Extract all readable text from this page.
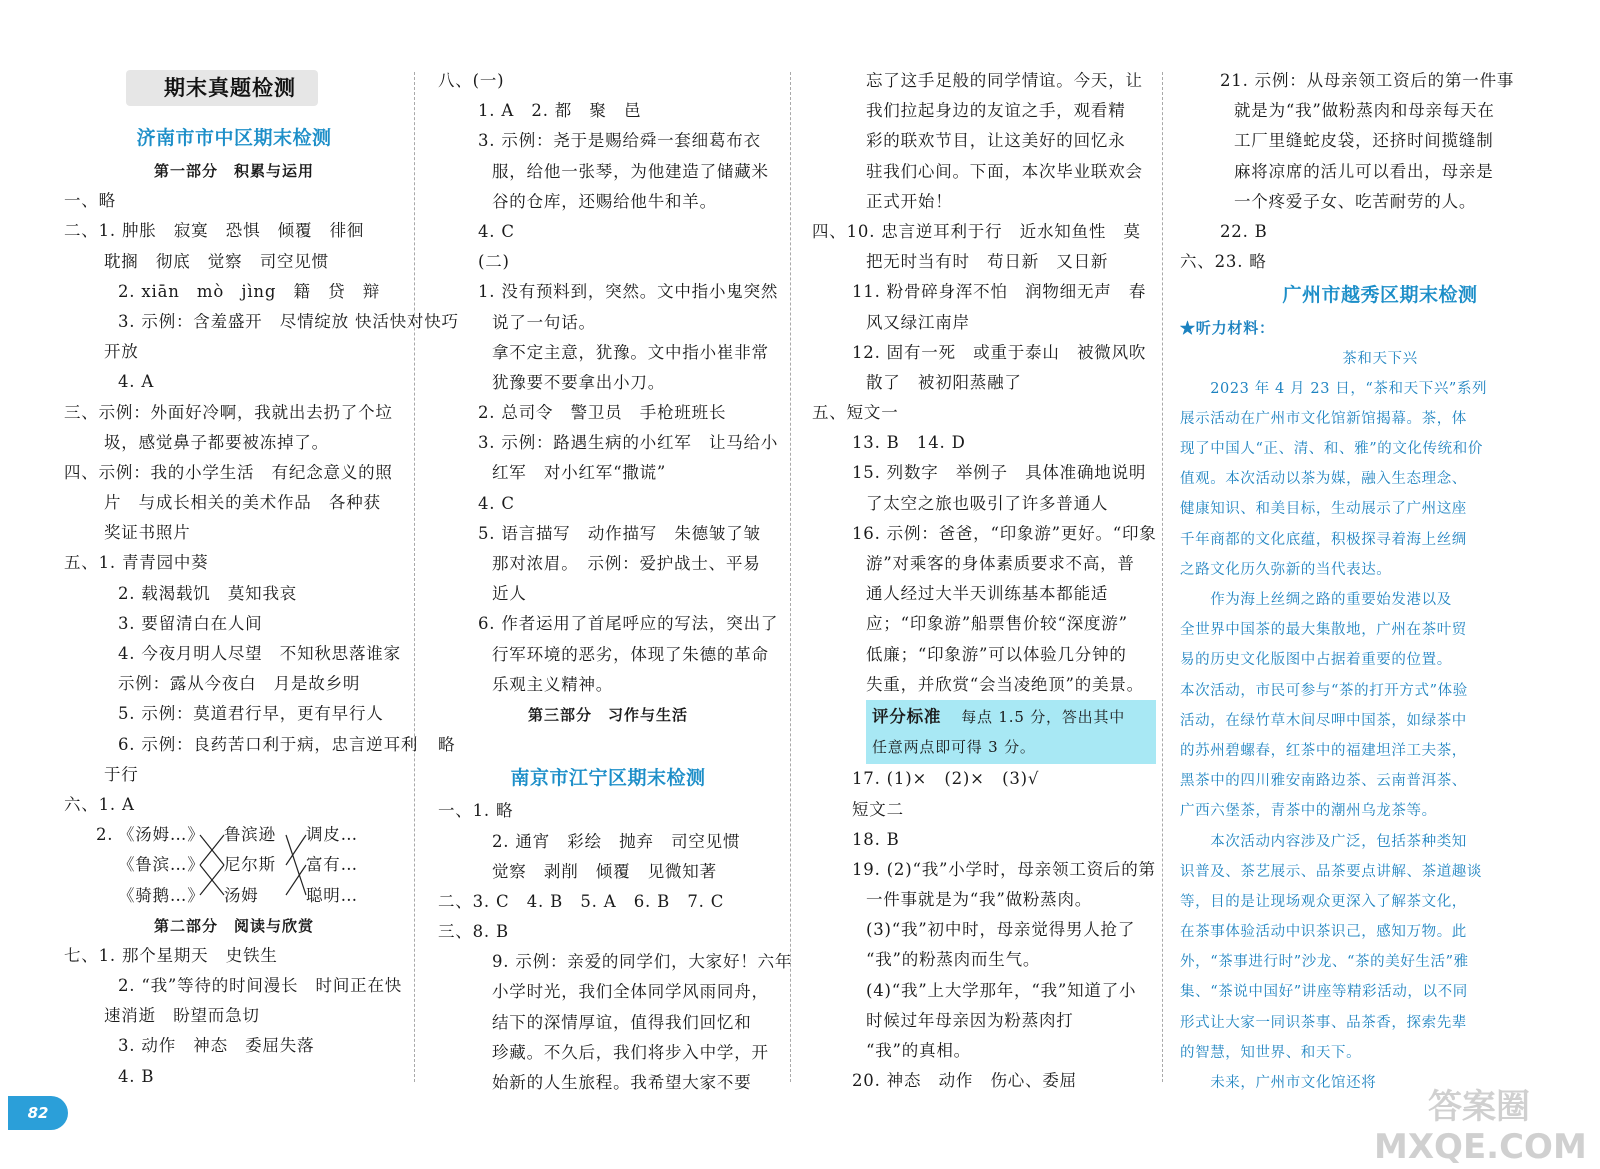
期末真题检测
济南市市中区期末检测
第一部分　积累与运用
一、略
二、1. 肿胀　寂寞　恐惧　倾覆　徘徊
耽搁　彻底　觉察　司空见惯
2. xiān　mò　jìng　籍　贷　辩
3. 示例：含羞盛开　尽情绽放 快活快对快巧
开放
4. A
三、示例：外面好冷啊，我就出去扔了个垃
圾，感觉鼻子都要被冻掉了。
四、示例：我的小学生活　有纪念意义的照
片　与成长相关的美术作品　各种获
奖证书照片
五、1. 青青园中葵
2. 载渴载饥　莫知我哀
3. 要留清白在人间
4. 今夜月明人尽望　不知秋思落谁家
示例：露从今夜白　月是故乡明
5. 示例：莫道君行早，更有早行人
6. 示例：良药苦口利于病，忠言逆耳利
于行
六、1. A
2. 《汤姆…》
《鲁滨…》
《骑鹅…》
鲁滨逊
尼尔斯
汤姆
调皮…
富有…
聪明…
第二部分　阅读与欣赏
七、1. 那个星期天　史铁生
2. “我”等待的时间漫长　时间正在快
速消逝　盼望而急切
3. 动作　神态　委屈失落
4. B
八、(一)
1. A　2. 都　聚　邑
3. 示例：尧于是赐给舜一套细葛布衣
服，给他一张琴，为他建造了储藏米
谷的仓库，还赐给他牛和羊。
4. C
(二)
1. 没有预料到，突然。文中指小鬼突然
说了一句话。
拿不定主意，犹豫。文中指小崔非常
犹豫要不要拿出小刀。
2. 总司令　警卫员　手枪班班长
3. 示例：路遇生病的小红军　让马给小
红军　对小红军“撒谎”
4. C
5. 语言描写　动作描写　朱德皱了皱
那对浓眉。　示例：爱护战士、平易
近人
6. 作者运用了首尾呼应的写法，突出了
行军环境的恶劣，体现了朱德的革命
乐观主义精神。
第三部分　习作与生活
略
南京市江宁区期末检测
一、1. 略
2. 通宵　彩绘　抛弃　司空见惯
觉察　剥削　倾覆　见微知著
二、3. C　4. B　5. A　6. B　7. C
三、8. B
9. 示例：亲爱的同学们，大家好！六年
小学时光，我们全体同学风雨同舟，
结下的深情厚谊，值得我们回忆和
珍藏。不久后，我们将步入中学，开
始新的人生旅程。我希望大家不要
忘了这手足般的同学情谊。今天，让
我们拉起身边的友谊之手，观看精
彩的联欢节目，让这美好的回忆永
驻我们心间。下面，本次毕业联欢会
正式开始！
四、10. 忠言逆耳利于行　近水知鱼性　莫
把无时当有时　苟日新　又日新
11. 粉骨碎身浑不怕　润物细无声　春
风又绿江南岸
12. 固有一死　或重于泰山　被微风吹
散了　被初阳蒸融了
五、短文一
13. B　14. D
15. 列数字　举例子　具体准确地说明
了太空之旅也吸引了许多普通人
16. 示例：爸爸，“印象游”更好。“印象
游”对乘客的身体素质要求不高，普
通人经过大半天训练基本都能适
应；“印象游”船票售价较“深度游”
低廉；“印象游”可以体验几分钟的
失重，并欣赏“会当凌绝顶”的美景。
评分标准 每点 1.5 分，答出其中
任意两点即可得 3 分。
17. (1)×　(2)×　(3)√
短文二
18. B
19. (2)“我”小学时，母亲领工资后的第
一件事就是为“我”做粉蒸肉。
(3)“我”初中时，母亲觉得男人抢了
“我”的粉蒸肉而生气。
(4)“我”上大学那年，“我”知道了小
时候过年母亲因为粉蒸肉打
“我”的真相。
20. 神态　动作　伤心、委屈
21. 示例：从母亲领工资后的第一件事
就是为“我”做粉蒸肉和母亲每天在
工厂里缝蛇皮袋，还挤时间揽缝制
麻将凉席的活儿可以看出，母亲是
一个疼爱子女、吃苦耐劳的人。
22. B
六、23. 略
广州市越秀区期末检测
★听力材料：
茶和天下兴
　　2023 年 4 月 23 日，“茶和天下兴”系列
展示活动在广州市文化馆新馆揭幕。茶，体
现了中国人“正、清、和、雅”的文化传统和价
值观。本次活动以茶为媒，融入生态理念、
健康知识、和美目标，生动展示了广州这座
千年商都的文化底蕴，积极探寻着海上丝绸
之路文化历久弥新的当代表达。
　　作为海上丝绸之路的重要始发港以及
全世界中国茶的最大集散地，广州在茶叶贸
易的历史文化版图中占据着重要的位置。
本次活动，市民可参与“茶的打开方式”体验
活动，在绿竹草木间尽呷中国茶，如绿茶中
的苏州碧螺春，红茶中的福建坦洋工夫茶，
黑茶中的四川雅安南路边茶、云南普洱茶、
广西六堡茶，青茶中的潮州乌龙茶等。
　　本次活动内容涉及广泛，包括茶种类知
识普及、茶艺展示、品茶要点讲解、茶道趣谈
等，目的是让现场观众更深入了解茶文化，
在茶事体验活动中识茶识己，感知万物。此
外，“茶事进行时”沙龙、“茶的美好生活”雅
集、“茶说中国好”讲座等精彩活动，以不同
形式让大家一同识茶事、品茶香，探索先辈
的智慧，知世界、和天下。
　　未来，广州市文化馆还将
82	答案圈 MXQE.COM
